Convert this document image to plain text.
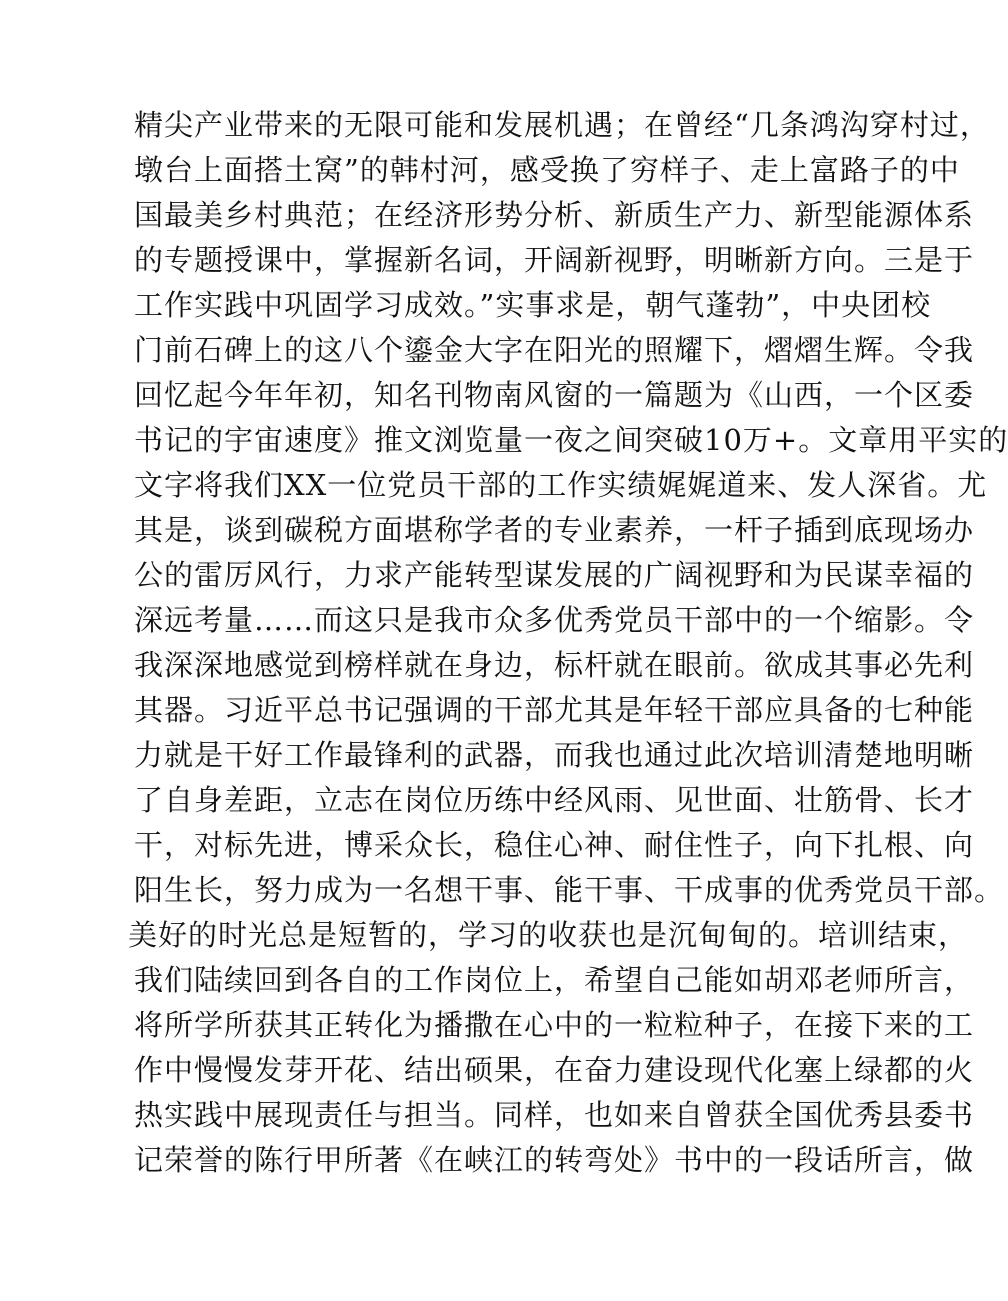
精尖产业带来的无限可能和发展机遇；在曾经“几条鸿沟穿村过，
墩台上面搭土窝”的韩村河，感受换了穷样子、走上富路子的中
国最美乡村典范；在经济形势分析、新质生产力、新型能源体系
的专题授课中，掌握新名词，开阔新视野，明晰新方向。三是于
工作实践中巩固学习成效。”实事求是，朝气蓬勃”，中央团校
门前石碑上的这八个鎏金大字在阳光的照耀下，熠熠生辉。令我
回忆起今年年初，知名刊物南风窗的一篇题为《山西，一个区委
书记的宇宙速度》推文浏览量一夜之间突破10万+。文章用平实的
文字将我们XX一位党员干部的工作实绩娓娓道来、发人深省。尤
其是，谈到碳税方面堪称学者的专业素养，一杆子插到底现场办
公的雷厉风行，力求产能转型谋发展的广阔视野和为民谋幸福的
深远考量……而这只是我市众多优秀党员干部中的一个缩影。令
我深深地感觉到榜样就在身边，标杆就在眼前。欲成其事必先利
其器。习近平总书记强调的干部尤其是年轻干部应具备的七种能
力就是干好工作最锋利的武器，而我也通过此次培训清楚地明晰
了自身差距，立志在岗位历练中经风雨、见世面、壮筋骨、长才
干，对标先进，博采众长，稳住心神、耐住性子，向下扎根、向
阳生长，努力成为一名想干事、能干事、干成事的优秀党员干部。
美好的时光总是短暂的，学习的收获也是沉甸甸的。培训结束，
我们陆续回到各自的工作岗位上，希望自己能如胡邓老师所言，
将所学所获其正转化为播撒在心中的一粒粒种子，在接下来的工
作中慢慢发芽开花、结出硕果，在奋力建设现代化塞上绿都的火
热实践中展现责任与担当。同样，也如来自曾获全国优秀县委书
记荣誉的陈行甲所著《在峡江的转弯处》书中的一段话所言，做
